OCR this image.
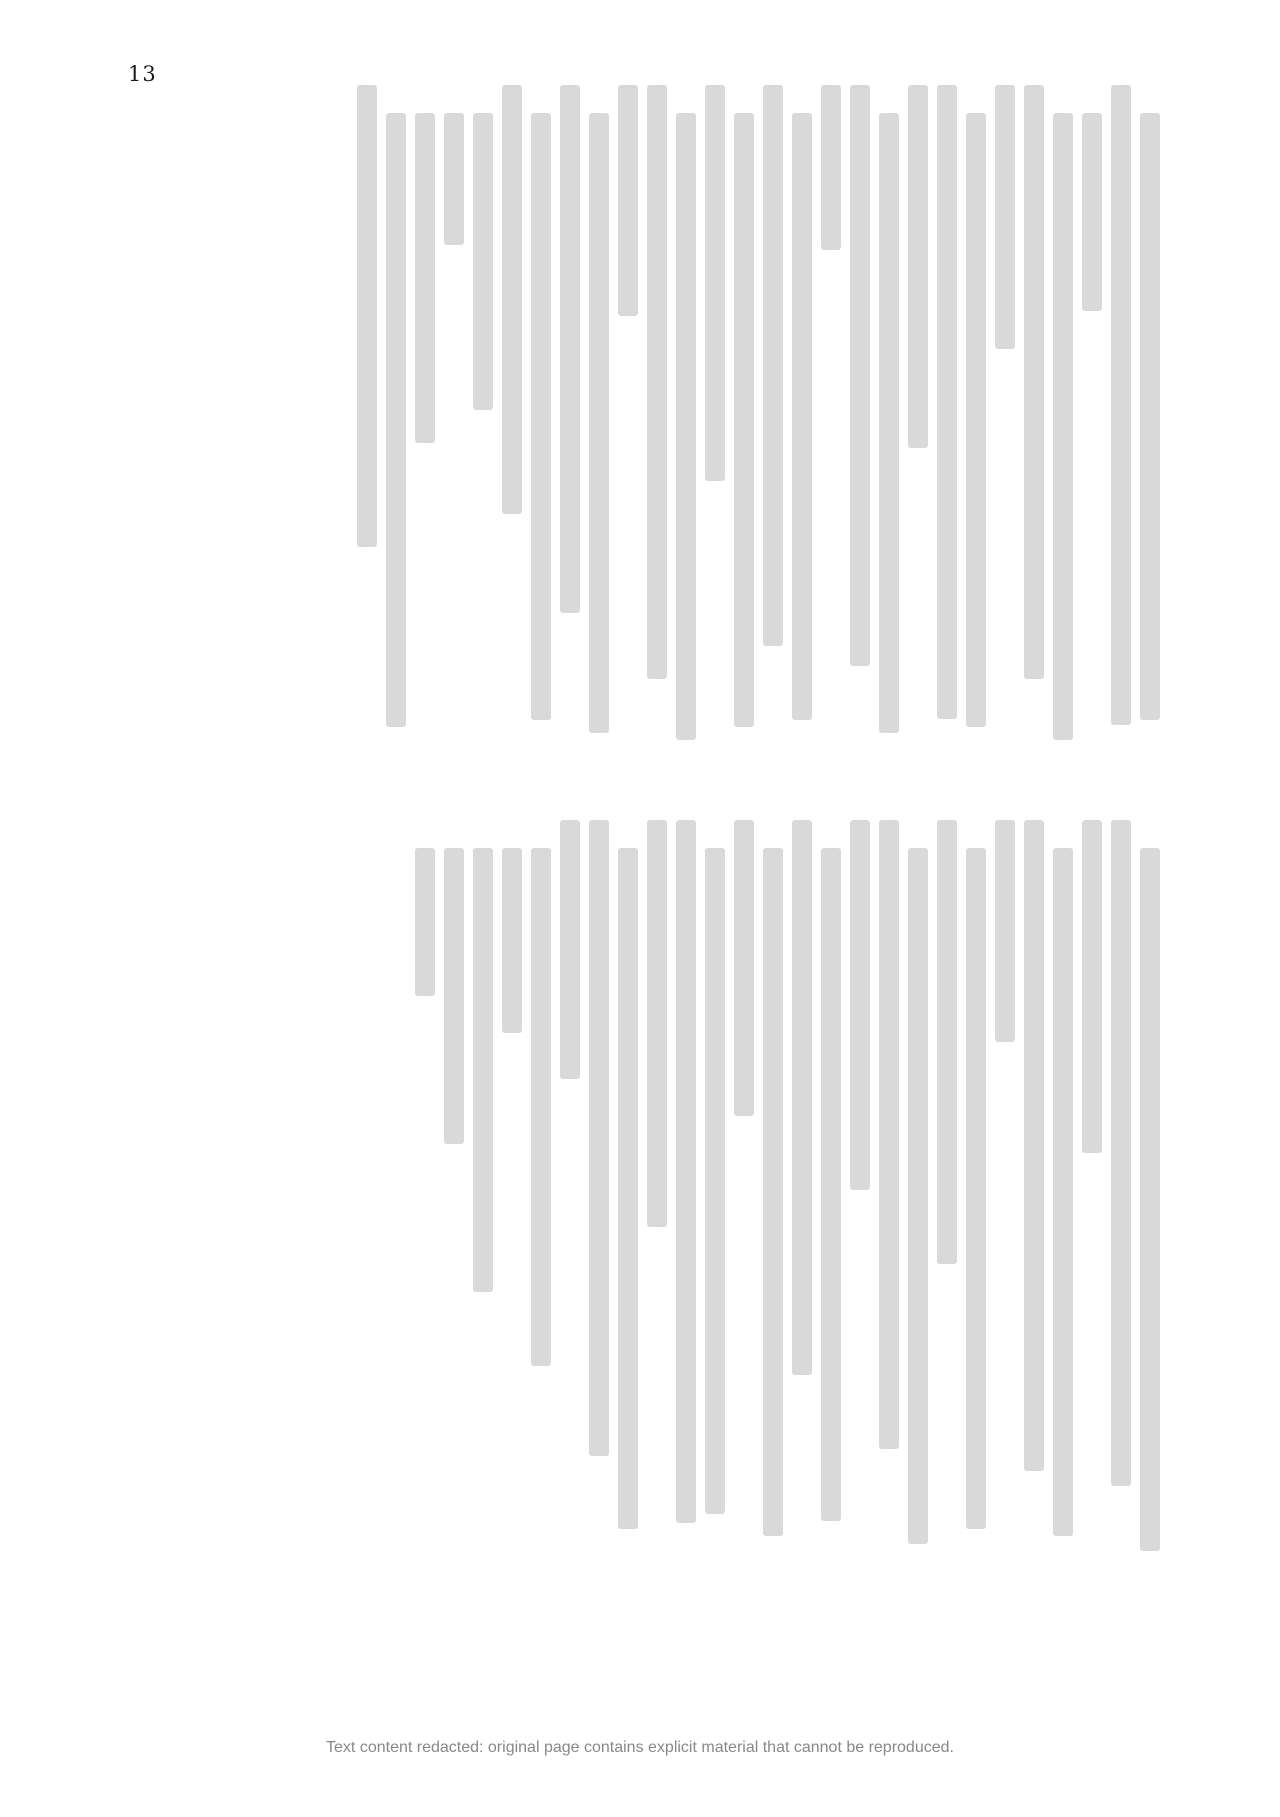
13
Text content redacted: original page contains explicit material that cannot be reproduced.
